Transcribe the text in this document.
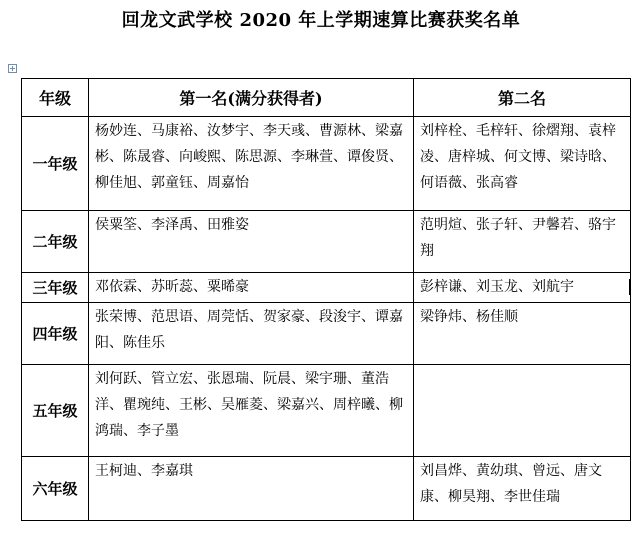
回龙文武学校 2020 年上学期速算比赛获奖名单
年级	第一名(满分获得者)	第二名
一年级	杨妙连、马康裕、汝梦宇、李天彧、曹源林、梁嘉彬、陈晟睿、向峻熙、陈思源、李琳萱、谭俊贤、柳佳旭、郭童钰、周嘉怡	刘梓栓、毛梓轩、徐熠翔、袁梓凌、唐梓城、何文博、梁诗晗、何语薇、张高睿
二年级	侯粟筌、李泽禹、田雅姿	范明煊、张子轩、尹馨若、骆宇翔
三年级	邓依霖、苏昕蕊、粟晞豪	彭梓谦、刘玉龙、刘航宇
四年级	张荣博、范思语、周莞恬、贺家豪、段浚宇、谭嘉阳、陈佳乐	梁铮炜、杨佳顺
五年级	刘何跃、管立宏、张恩瑞、阮晨、梁宇珊、董浩洋、瞿琬纯、王彬、吴雁菱、梁嘉兴、周梓曦、柳鸿瑞、李子墨	
六年级	王柯迪、李嘉琪	刘昌烨、黄幼琪、曾远、唐文康、柳昊翔、李世佳瑞
